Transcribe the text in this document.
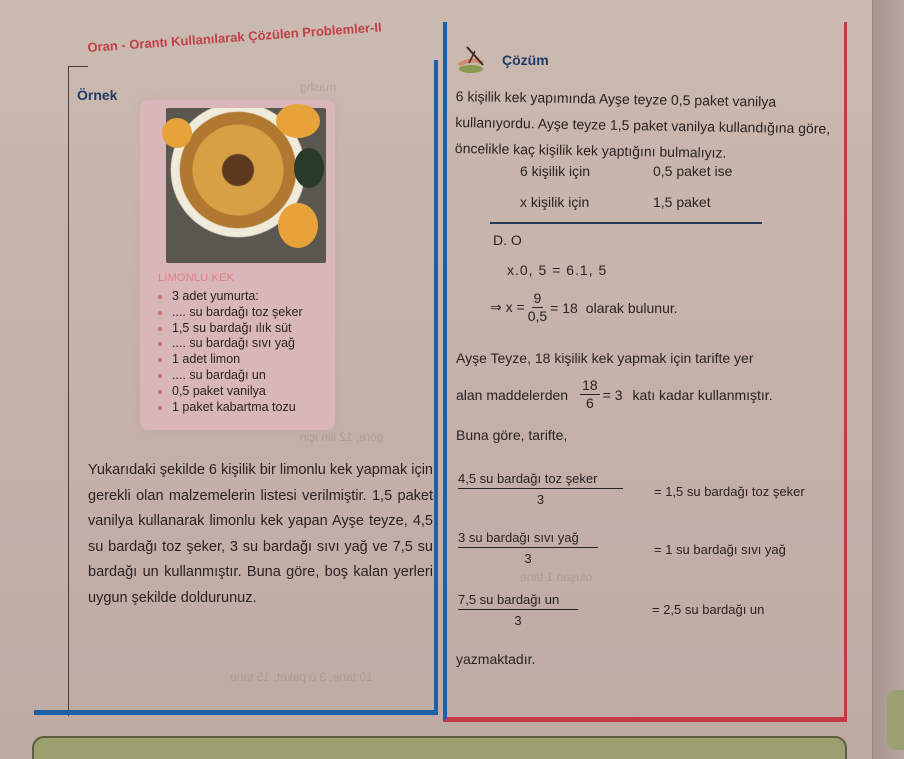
mashg
göre, 12 ilin için
10 tane, 3 ü paket, 15 tane
oluşan 1 tane
Oran - Orantı Kullanılarak Çözülen Problemler-II
Örnek
LİMONLU KEK
3 adet yumurta:
.... su bardağı toz şeker
1,5 su bardağı ılık süt
.... su bardağı sıvı yağ
1 adet limon
.... su bardağı un
0,5 paket vanilya
1 paket kabartma tozu

Yukarıdaki şekilde 6 kişilik bir limonlu kek yapmak için gerekli olan malzemelerin listesi verilmiştir. 1,5 paket vanilya kullanarak limonlu kek yapan Ayşe teyze, 4,5 su bardağı toz şeker, 3 su bardağı sıvı yağ ve 7,5 su bardağı un kullanmıştır. Buna göre, boş kalan yerleri uygun şekilde doldurunuz.

Çözüm

6 kişilik kek yapımında Ayşe teyze 0,5 paket vanilya kullanıyordu. Ayşe teyze 1,5 paket vanilya kullandığına göre, öncelikle kaç kişilik kek yaptığını bulmalıyız.

6 kişilik için	0,5 paket ise
x kişilik için	1,5 paket
D. O
x.0, 5 = 6.1, 5
⇒ $x = \frac{9}{0,5} = 18$ olarak bulunur.
Ayşe Teyze, 18 kişilik kek yapmak için tarifte yer
alan maddelerden $\frac{18}{6} = 3$ katı kadar kullanmıştır.
Buna göre, tarifte,
$\frac{\text{4,5 su bardağı toz şeker}}{3} = 1,5$ su bardağı toz şeker
$\frac{\text{3 su bardağı sıvı yağ}}{3}$	= 1 su bardağı sıvı yağ
$\frac{\text{7,5 su bardağı un}}{3}$	= 2,5 su bardağı un
yazmaktadır.
